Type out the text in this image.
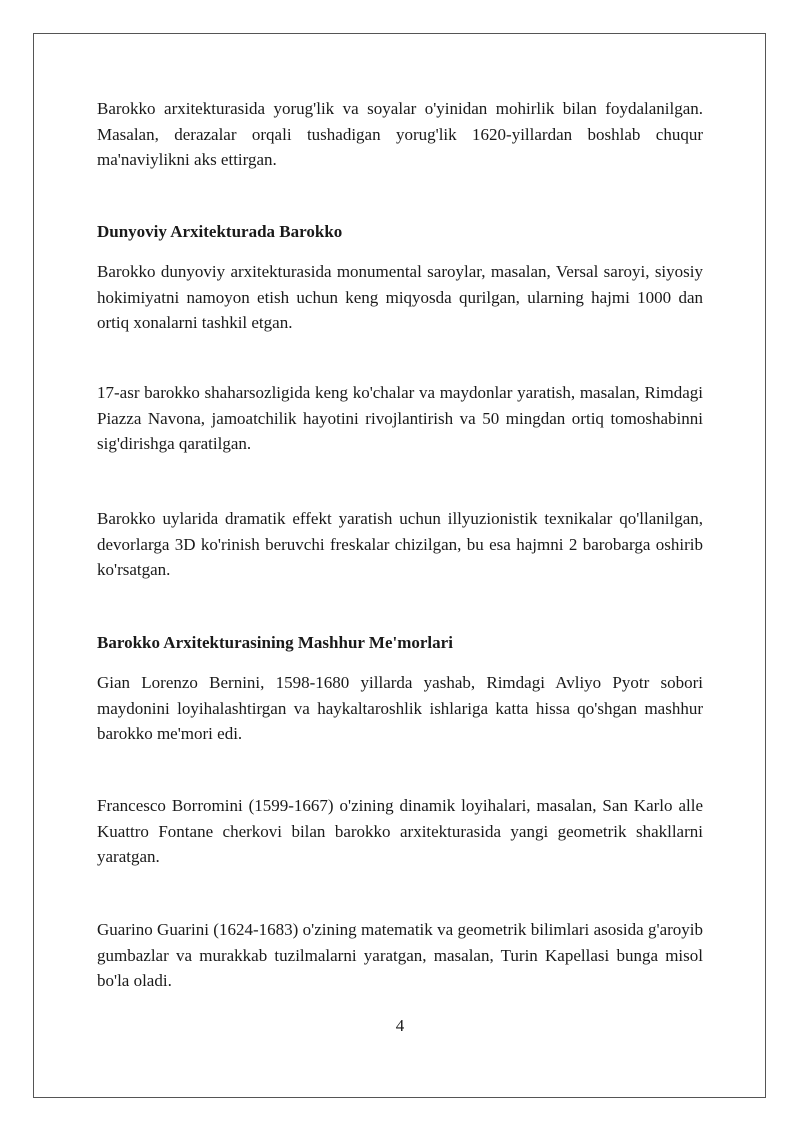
Barokko arxitekturasida yorug'lik va soyalar o'yinidan mohirlik bilan foydalanilgan. Masalan, derazalar orqali tushadigan yorug'lik 1620-yillardan boshlab chuqur ma'naviylikni aks ettirgan.

Dunyoviy Arxitekturada Barokko

Barokko dunyoviy arxitekturasida monumental saroylar, masalan, Versal saroyi, siyosiy hokimiyatni namoyon etish uchun keng miqyosda qurilgan, ularning hajmi 1000 dan ortiq xonalarni tashkil etgan.

17-asr barokko shaharsozligida keng ko'chalar va maydonlar yaratish, masalan, Rimdagi Piazza Navona, jamoatchilik hayotini rivojlantirish va 50 mingdan ortiq tomoshabinni sig'dirishga qaratilgan.

Barokko uylarida dramatik effekt yaratish uchun illyuzionistik texnikalar qo'llanilgan, devorlarga 3D ko'rinish beruvchi freskalar chizilgan, bu esa hajmni 2 barobarga oshirib ko'rsatgan.

Barokko Arxitekturasining Mashhur Me'morlari

Gian Lorenzo Bernini, 1598-1680 yillarda yashab, Rimdagi Avliyo Pyotr sobori maydonini loyihalashtirgan va haykaltaroshlik ishlariga katta hissa qo'shgan mashhur barokko me'mori edi.

Francesco Borromini (1599-1667) o'zining dinamik loyihalari, masalan, San Karlo alle Kuattro Fontane cherkovi bilan barokko arxitekturasida yangi geometrik shakllarni yaratgan.

Guarino Guarini (1624-1683) o'zining matematik va geometrik bilimlari asosida g'aroyib gumbazlar va murakkab tuzilmalarni yaratgan, masalan, Turin Kapellasi bunga misol bo'la oladi.

4
